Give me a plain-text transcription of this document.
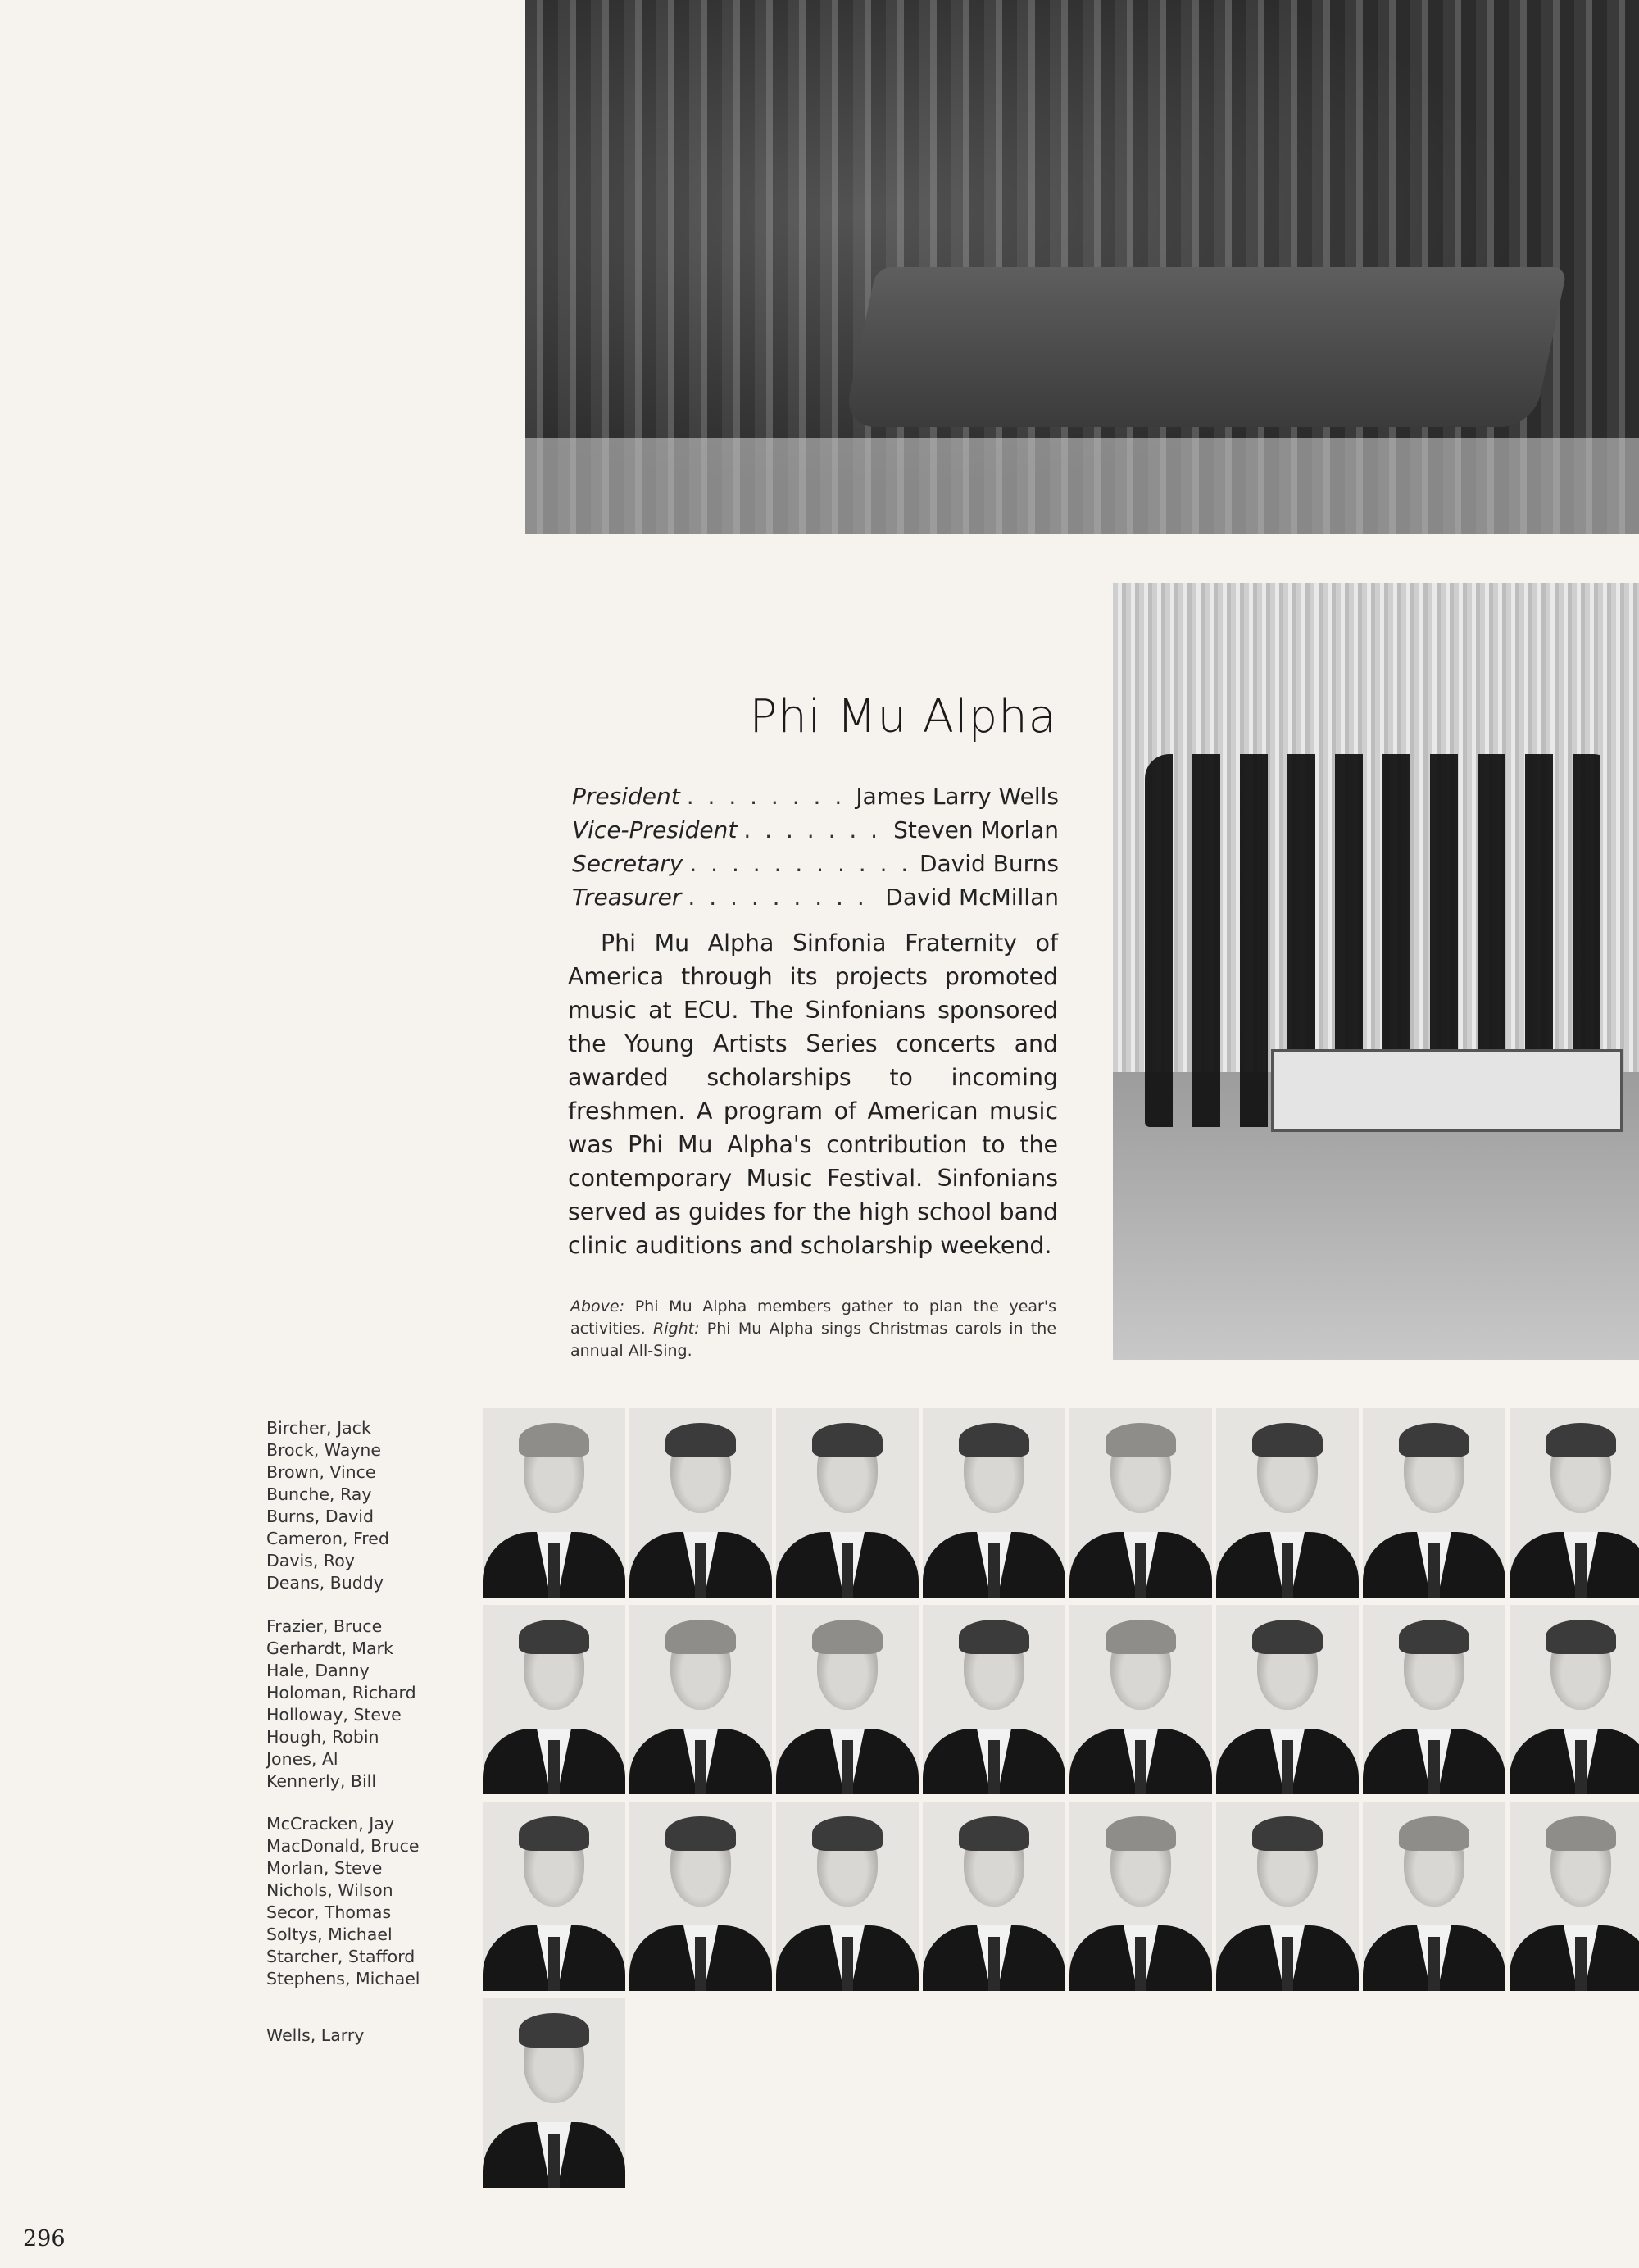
Phi Mu Alpha
President . . .	James Larry Wells
Vice-President . . .	Steven Morlan
Secretary . . .	David Burns
Treasurer . . .	David McMillan

Phi Mu Alpha Sinfonia Fraternity of America through its projects promoted music at ECU. The Sinfonians sponsored the Young Artists Series concerts and awarded scholarships to incoming freshmen. A program of American music was Phi Mu Alpha's contribution to the contemporary Music Festival. Sinfonians served as guides for the high school band clinic auditions and scholarship weekend.

Above: Phi Mu Alpha members gather to plan the year's activities. Right: Phi Mu Alpha sings Christmas carols in the annual All-Sing.

Bircher, Jack
Brock, Wayne
Brown, Vince
Bunche, Ray
Burns, David
Cameron, Fred
Davis, Roy
Deans, Buddy
Frazier, Bruce
Gerhardt, Mark
Hale, Danny
Holoman, Richard
Holloway, Steve
Hough, Robin
Jones, Al
Kennerly, Bill
McCracken, Jay
MacDonald, Bruce
Morlan, Steve
Nichols, Wilson
Secor, Thomas
Soltys, Michael
Starcher, Stafford
Stephens, Michael
Wells, Larry
296
